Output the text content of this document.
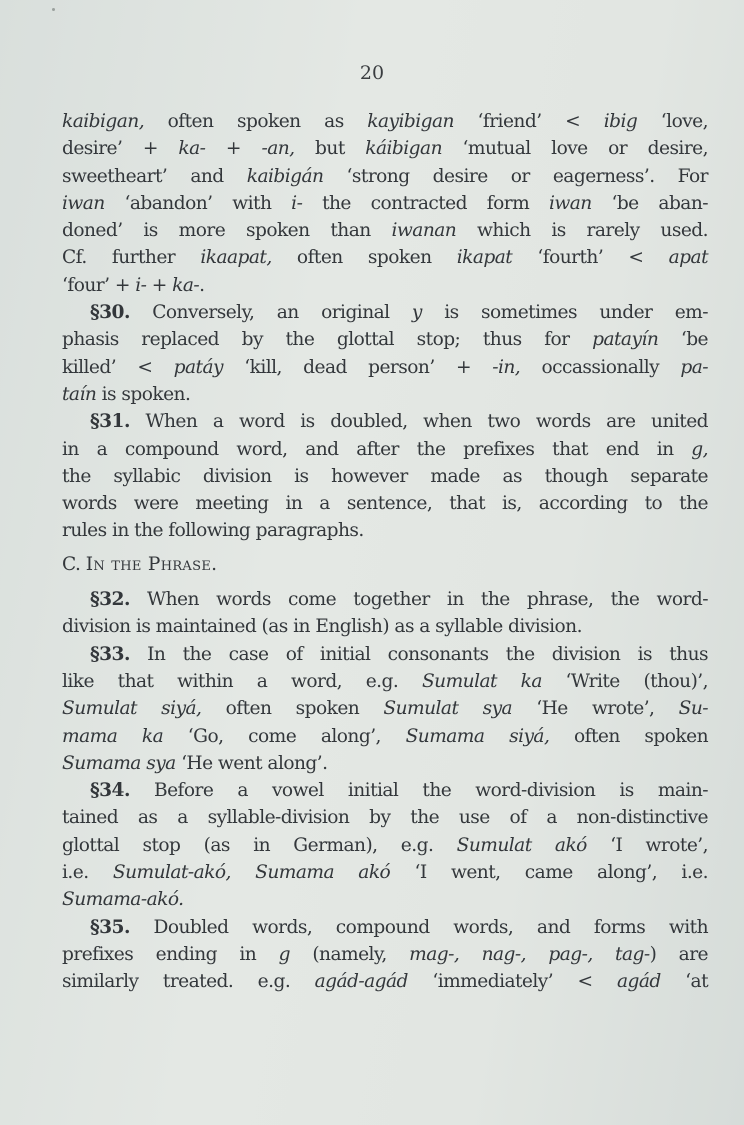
20
kaibigan, often spoken as kayibigan ‘friend’ < ibig ‘love,
desire’ + ka- + -an, but káibigan ‘mutual love or desire,
sweetheart’ and kaibigán ‘strong desire or eagerness’. For
iwan ‘abandon’ with i- the contracted form iwan ‘be aban-
doned’ is more spoken than iwanan which is rarely used.
Cf. further ikaapat, often spoken ikapat ‘fourth’ < apat
‘four’ + i- + ka-.
§30. Conversely, an original y is sometimes under em-
phasis replaced by the glottal stop; thus for patayín ‘be
killed’ < patáy ‘kill, dead person’ + -in, occassionally pa-
taín is spoken.
§31. When a word is doubled, when two words are united
in a compound word, and after the prefixes that end in g,
the syllabic division is however made as though separate
words were meeting in a sentence, that is, according to the
rules in the following paragraphs.
C. In the Phrase.
§32. When words come together in the phrase, the word-
division is maintained (as in English) as a syllable division.
§33. In the case of initial consonants the division is thus
like that within a word, e.g. Sumulat ka ‘Write (thou)’,
Sumulat siyá, often spoken Sumulat sya ‘He wrote’, Su-
mama ka ‘Go, come along’, Sumama siyá, often spoken
Sumama sya ‘He went along’.
§34. Before a vowel initial the word-division is main-
tained as a syllable-division by the use of a non-distinctive
glottal stop (as in German), e.g. Sumulat akó ‘I wrote’,
i.e. Sumulat-akó, Sumama akó ‘I went, came along’, i.e.
Sumama-akó.
§35. Doubled words, compound words, and forms with
prefixes ending in g (namely, mag-, nag-, pag-, tag-) are
similarly treated. e.g. agád-agád ‘immediately’ < agád ‘at
